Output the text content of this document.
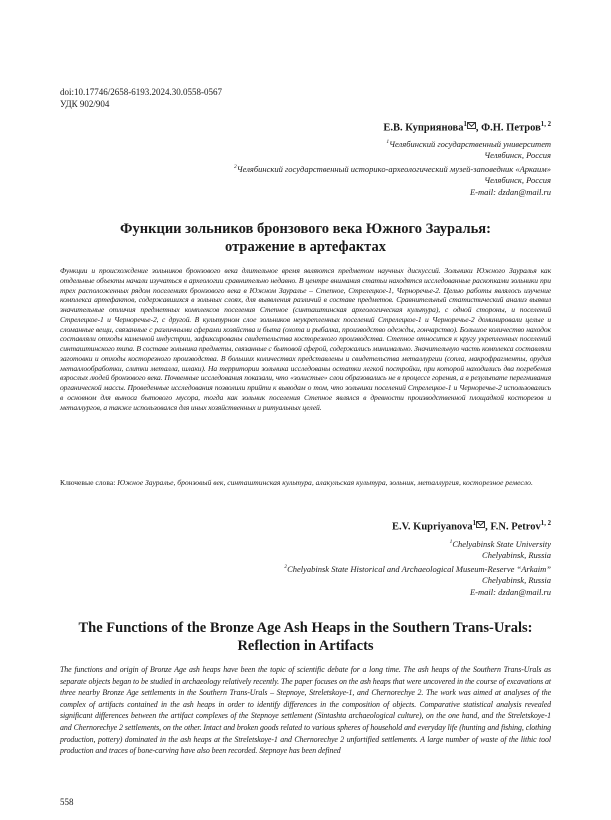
doi:10.17746/2658-6193.2024.30.0558-0567
УДК 902/904
Е.В. Куприянова$^1$ , Ф.Н. Петров$^{1, 2}$
$^1$Челябинский государственный университет
Челябинск, Россия
$^2$Челябинский государственный историко-археологический музей-заповедник «Аркаим»
Челябинск, Россия
E-mail: dzdan@mail.ru
Функции зольников бронзового века Южного Зауралья:
отражение в артефактах
Функции и происхождение зольников бронзового века длительное время являются предметом научных дискуссий. Зольники Южного Зауралья как отдельные объекты начали изучаться в археологии сравнительно недавно. В центре внимания статьи находятся исследованные раскопками зольники при трех расположенных рядом поселениях бронзового века в Южном Зауралье – Степное, Стрелецкое-1, Черноречье-2. Целью работы являлось изучение комплекса артефактов, содержавшихся в зольных слоях, для выявления различий в составе предметов. Сравнительный статистический анализ выявил значительные отличия предметных комплексов поселения Степное (синташтинская археологическая культура), с одной стороны, и поселений Стрелецкое-1 и Черноречье-2, с другой. В культурном слое зольников неукрепленных поселений Стрелецкое-1 и Черноречье-2 доминировали целые и сломанные вещи, связанные с различными сферами хозяйства и быта (охота и рыбалка, производство одежды, гончарство). Большое количество находок составляли отходы каменной индустрии, зафиксированы свидетельства косторезного производства. Степное относится к кругу укрепленных поселений синташтинского типа. В составе зольника предметы, связанные с бытовой сферой, содержались минимально. Значительную часть комплекса составляли заготовки и отходы косторезного производства. В больших количествах представлены и свидетельства металлургии (сопла, макрофрагменты, орудия металлообработки, слитки металла, шлаки). На территории зольника исследованы остатки легкой постройки, при которой находились два погребения взрослых людей бронзового века. Почвенные исследования показали, что «золистые» слои образовались не в процессе горения, а в результате перегнивания органической массы. Проведенные исследования позволили прийти к выводам о том, что зольники поселений Стрелецкое-1 и Черноречье-2 использовались в основном для выноса бытового мусора, тогда как зольник поселения Степное являлся в древности производственной площадкой косторезов и металлургов, а также использовался для иных хозяйственных и ритуальных целей.
Ключевые слова: Южное Зауралье, бронзовый век, синташтинская культура, алакульская культура, зольник, металлургия, косторезное ремесло.
E.V. Kupriyanova$^1$ , F.N. Petrov$^{1, 2}$
$^1$Chelyabinsk State University
Chelyabinsk, Russia
$^2$Chelyabinsk State Historical and Archaeological Museum-Reserve “Arkaim”
Chelyabinsk, Russia
E-mail: dzdan@mail.ru
The Functions of the Bronze Age Ash Heaps in the Southern Trans-Urals:
Reflection in Artifacts
The functions and origin of Bronze Age ash heaps have been the topic of scientific debate for a long time. The ash heaps of the Southern Trans-Urals as separate objects began to be studied in archaeology relatively recently. The paper focuses on the ash heaps that were uncovered in the course of excavations at three nearby Bronze Age settlements in the Southern Trans-Urals – Stepnoye, Streletskoye-1, and Chernorechye 2. The work was aimed at analyses of the complex of artifacts contained in the ash heaps in order to identify differences in the composition of objects. Comparative statistical analysis revealed significant differences between the artifact complexes of the Stepnoye settlement (Sintashta archaeological culture), on the one hand, and the Streletskoye-1 and Chernorechye 2 settlements, on the other. Intact and broken goods related to various spheres of household and everyday life (hunting and fishing, clothing production, pottery) dominated in the ash heaps at the Streletskoye-1 and Chernorechye 2 unfortified settlements. A large number of waste of the lithic tool production and traces of bone-carving have also been recorded. Stepnoye has been defined
558
